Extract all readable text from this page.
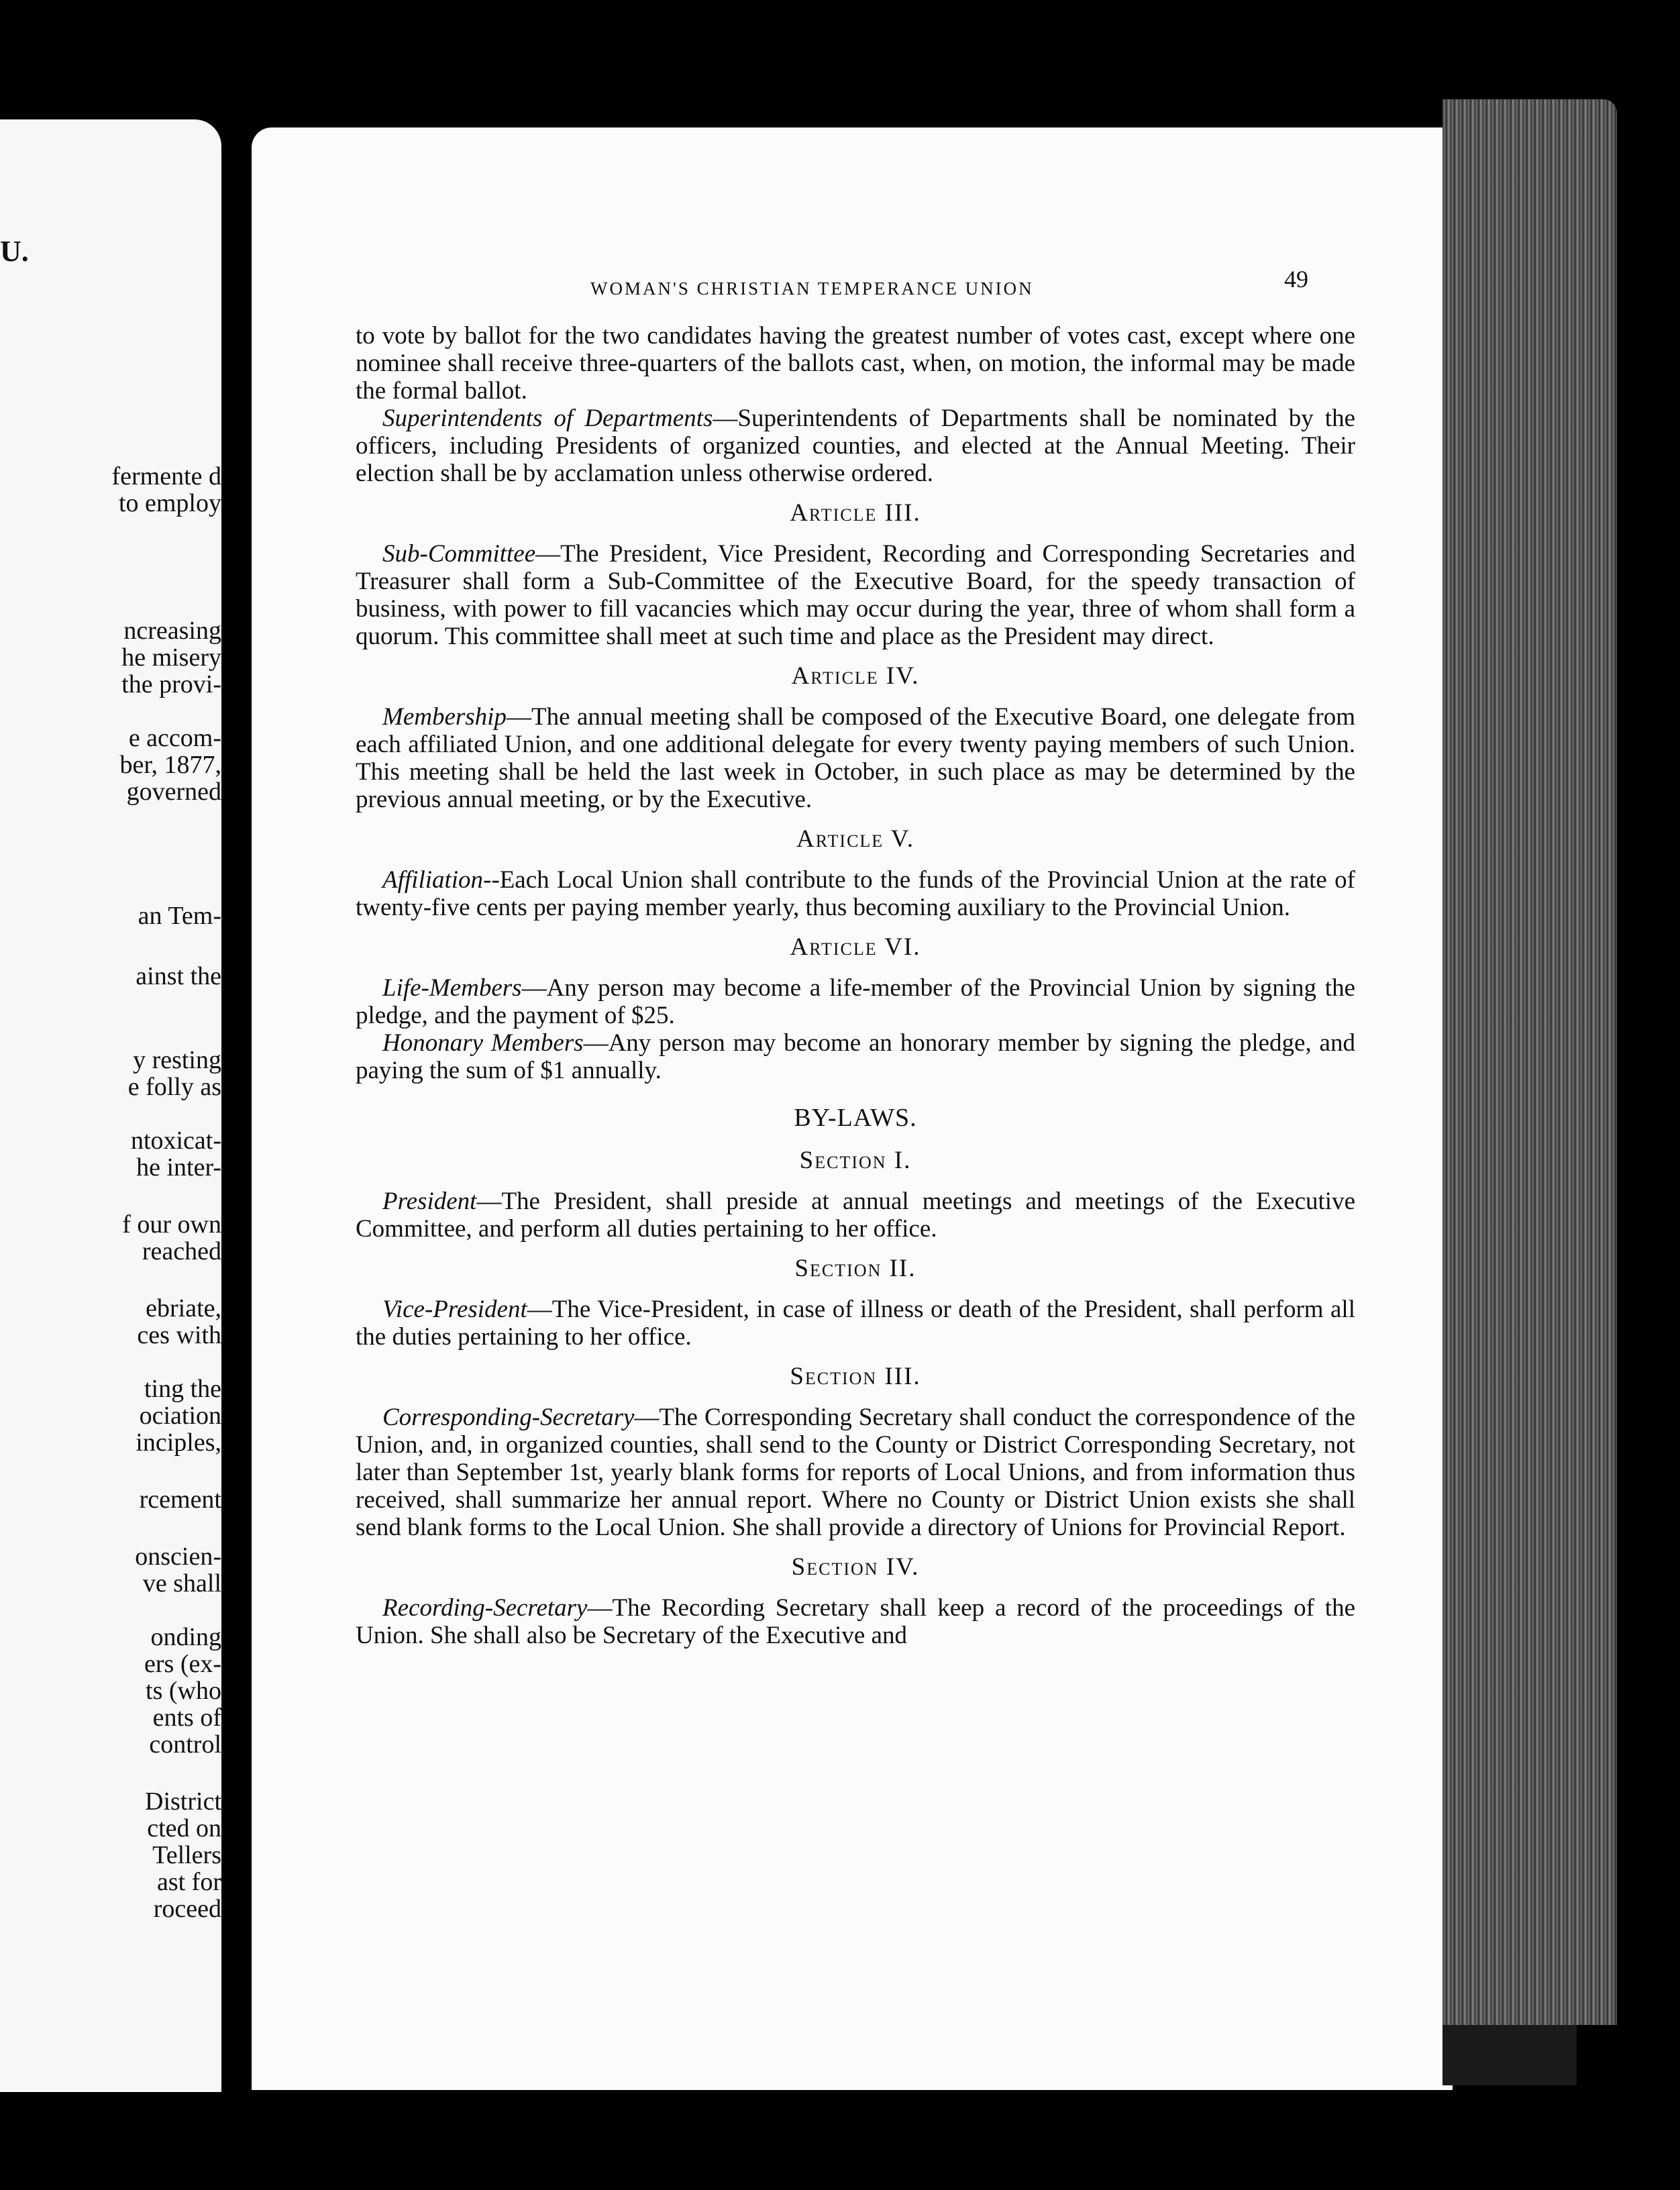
U.
fermente d
to employ
ncreasing
he misery
the provi-
e accom-
ber, 1877,
governed
an Tem-
ainst the
y resting
e folly as
ntoxicat-
he inter-
f our own
reached
ebriate,
ces with
ting the
ociation
inciples,
rcement
onscien-
ve shall
onding
ers (ex-
ts (who
ents of
control
District
cted on
Tellers
ast for
roceed
WOMAN'S CHRISTIAN TEMPERANCE UNION	49

to vote by ballot for the two candidates having the greatest number of votes cast, except where one nominee shall receive three-quarters of the ballots cast, when, on motion, the informal may be made the formal ballot.

Superintendents of Departments—Superintendents of Departments shall be nominated by the officers, including Presidents of organized counties, and elected at the Annual Meeting. Their election shall be by acclamation unless otherwise ordered.

Article III.

Sub-Committee—The President, Vice President, Recording and Corresponding Secretaries and Treasurer shall form a Sub-Committee of the Executive Board, for the speedy transaction of business, with power to fill vacancies which may occur during the year, three of whom shall form a quorum. This committee shall meet at such time and place as the President may direct.

Article IV.

Membership—The annual meeting shall be composed of the Executive Board, one delegate from each affiliated Union, and one additional delegate for every twenty paying members of such Union. This meeting shall be held the last week in October, in such place as may be determined by the previous annual meeting, or by the Executive.

Article V.

Affiliation--Each Local Union shall contribute to the funds of the Provincial Union at the rate of twenty-five cents per paying member yearly, thus becoming auxiliary to the Provincial Union.

Article VI.

Life-Members—Any person may become a life-member of the Provincial Union by signing the pledge, and the payment of $25.

Hononary Members—Any person may become an honorary member by signing the pledge, and paying the sum of $1 annually.

BY-LAWS.
Section I.

President—The President, shall preside at annual meetings and meetings of the Executive Committee, and perform all duties pertaining to her office.

Section II.

Vice-President—The Vice-President, in case of illness or death of the President, shall perform all the duties pertaining to her office.

Section III.

Corresponding-Secretary—The Corresponding Secretary shall conduct the correspondence of the Union, and, in organized counties, shall send to the County or District Corresponding Secretary, not later than September 1st, yearly blank forms for reports of Local Unions, and from information thus received, shall summarize her annual report. Where no County or District Union exists she shall send blank forms to the Local Union. She shall provide a directory of Unions for Provincial Report.

Section IV.

Recording-Secretary—The Recording Secretary shall keep a record of the proceedings of the Union. She shall also be Secretary of the Executive and
